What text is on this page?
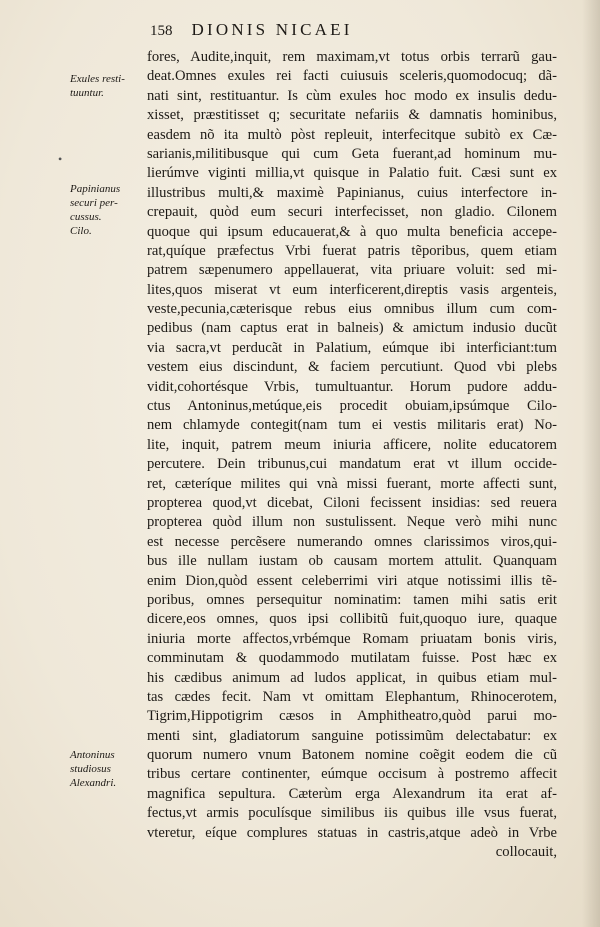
158 DIONIS NICAEI
Exules resti-
tuuntur.
•
Papinianus
securi per-
cussus.
Cilo.
Antoninus
studiosus
Alexandri.
fores, Audite,inquit, rem maximam,vt totus orbis terrarũ gau-
deat.Omnes exules rei facti cuiusuis sceleris,quomodocuq; dã-
nati sint, restituantur. Is cùm exules hoc modo ex insulis dedu-
xisset, præstitisset q; securitate nefariis & damnatis hominibus,
easdem nõ ita multò pòst repleuit, interfecitque subitò ex Cæ-
sarianis,militibusque qui cum Geta fuerant,ad hominum mu-
lierúmve viginti millia,vt quisque in Palatio fuit. Cæsi sunt ex
illustribus multi,& maximè Papinianus, cuius interfectore in-
crepauit, quòd eum securi interfecisset, non gladio. Cilonem
quoque qui ipsum educauerat,& à quo multa beneficia accepe-
rat,quíque præfectus Vrbi fuerat patris tẽporibus, quem etiam
patrem sæpenumero appellauerat, vita priuare voluit: sed mi-
lites,quos miserat vt eum interficerent,direptis vasis argenteis,
veste,pecunia,cæterisque rebus eius omnibus illum cum com-
pedibus (nam captus erat in balneis) & amictum indusio ducũt
via sacra,vt perducãt in Palatium, eúmque ibi interficiant:tum
vestem eius discindunt, & faciem percutiunt. Quod vbi plebs
vidit,cohortésque Vrbis, tumultuantur. Horum pudore addu-
ctus Antoninus,metúque,eis procedit obuiam,ipsúmque Cilo-
nem chlamyde contegit(nam tum ei vestis militaris erat) No-
lite, inquit, patrem meum iniuria afficere, nolite educatorem
percutere. Dein tribunus,cui mandatum erat vt illum occide-
ret, cæteríque milites qui vnà missi fuerant, morte affecti sunt,
propterea quod,vt dicebat, Ciloni fecissent insidias: sed reuera
propterea quòd illum non sustulissent. Neque verò mihi nunc
est necesse percẽsere numerando omnes clarissimos viros,qui-
bus ille nullam iustam ob causam mortem attulit. Quanquam
enim Dion,quòd essent celeberrimi viri atque notissimi illis tẽ-
poribus, omnes persequitur nominatim: tamen mihi satis erit
dicere,eos omnes, quos ipsi collibitũ fuit,quoquo iure, quaque
iniuria morte affectos,vrbémque Romam priuatam bonis viris,
comminutam & quodammodo mutilatam fuisse. Post hæc ex
his cædibus animum ad ludos applicat, in quibus etiam mul-
tas cædes fecit. Nam vt omittam Elephantum, Rhinocerotem,
Tigrim,Hippotigrim cæsos in Amphitheatro,quòd parui mo-
menti sint, gladiatorum sanguine potissimũm delectabatur: ex
quorum numero vnum Batonem nomine coẽgit eodem die cũ
tribus certare continenter, eúmque occisum à postremo affecit
magnifica sepultura. Cæterùm erga Alexandrum ita erat af-
fectus,vt armis poculísque similibus iis quibus ille vsus fuerat,
vteretur, eíque complures statuas in castris,atque adeò in Vrbe
collocauit,
